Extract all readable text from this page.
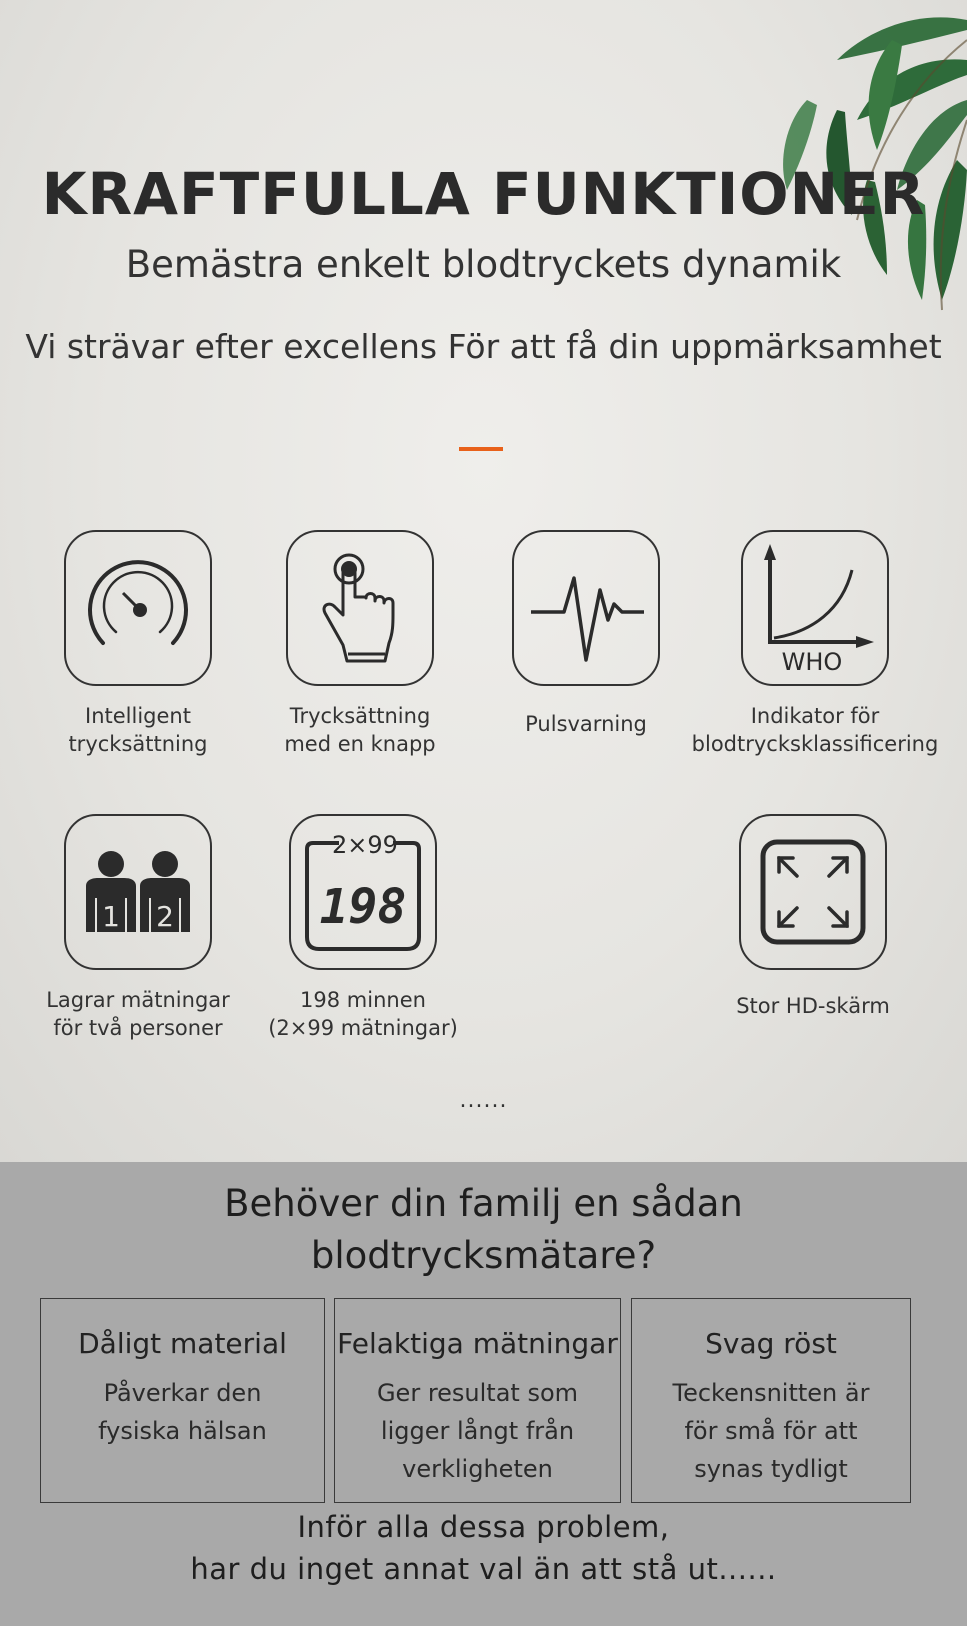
KRAFTFULLA FUNKTIONER
Bemästra enkelt blodtryckets dynamik
Vi strävar efter excellens För att få din uppmärksamhet
Intelligent
trycksättning
Trycksättning
med en knapp
Pulsvarning
WHO
Indikator för
blodtrycksklassificering
1 2
Lagrar mätningar
för två personer
2×99
198
198 minnen
(2×99 mätningar)
Stor HD-skärm
......
Behöver din familj en sådan
blodtrycksmätare?
Dåligt material
Påverkar den
fysiska hälsan
Felaktiga mätningar
Ger resultat som
ligger långt från
verkligheten
Svag röst
Teckensnitten är
för små för att
synas tydligt
Inför alla dessa problem,
har du inget annat val än att stå ut......
